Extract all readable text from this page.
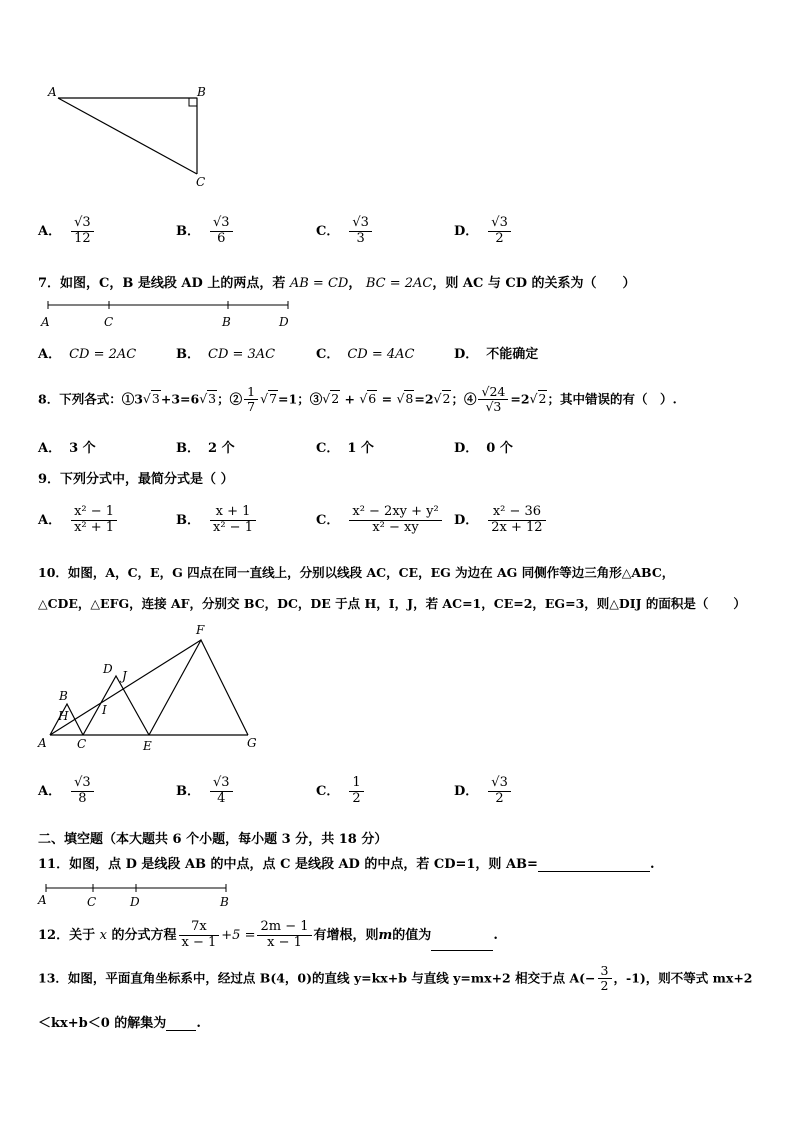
A	B
C
A． $\frac{√3}{12}$	B． $\frac{√3}{6}$	C． $\frac{√3}{3}$	D． $\frac{√3}{2}$
7．如图，C，B 是线段 AD 上的两点，若 AB = CD， BC = 2AC，则 AC 与 CD 的关系为（　　）
A	C	B	D
A． CD = 2AC	B． CD = 3AC	C． CD = 4AC	D． 不能确定
8．下列各式：①3√3+3=6√3；② $\frac{1}{7} √7=1$；③√2 + √6 = √8=2√2；④ $\frac{√24}{√3} =2√2$；其中错误的有（　）.
A． 3 个	B． 2 个	C． 1 个	D． 0 个
9．下列分式中，最简分式是（ ）
A． $\frac{\text{x² − 1}}{\text{x² + 1}}$	B． $\frac{x + 1}{\text{x² − 1}}$	C． $\frac{\text{x² − 2xy + y²}}{\text{x² − xy}}$ D． $\frac{\text{x² − 36}}{2x + 12}$
10．如图，A，C，E，G 四点在同一直线上，分别以线段 AC，CE，EG 为边在 AG 同侧作等边三角形△ABC，
△CDE，△EFG，连接 AF，分别交 BC，DC，DE 于点 H，I，J，若 AC=1，CE=2，EG=3，则△DIJ 的面积是（　　）
A
B
H
C
D
I
J
E
F
G
A． $\frac{√3}{8}$	B． $\frac{√3}{4}$	C． $\frac{1}{2}$	D． $\frac{√3}{2}$
二、填空题（本大题共 6 个小题，每小题 3 分，共 18 分）
11．如图，点 D 是线段 AB 的中点，点 C 是线段 AD 的中点，若 CD=1，则 AB=	.
A	C	D	B
12．关于 x 的分式方程 $\frac{7x}{x - 1} +5 = \frac{2m - 1}{x - 1}$ 有增根，则m的值为	.
13．如图，平面直角坐标系中，经过点 B(4，0)的直线 y=kx+b 与直线 y=mx+2 相交于点 $A(- \frac{3}{2}$ ，-1)，则不等式 mx+2
＜kx+b＜0 的解集为 .
